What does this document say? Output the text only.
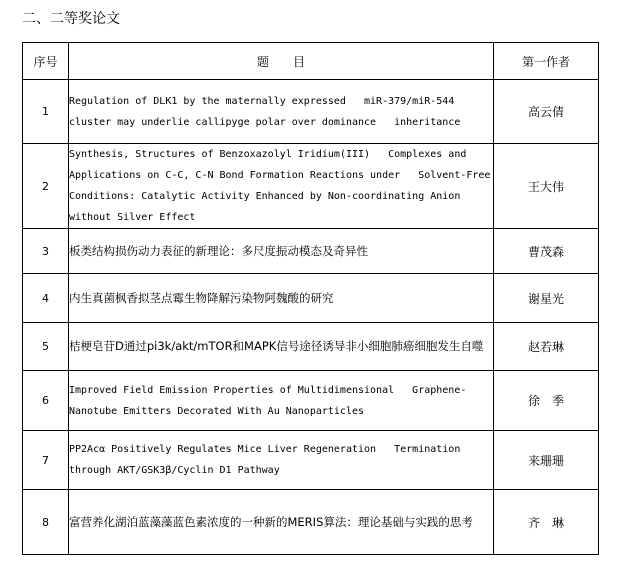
二、二等奖论文
序号	题　　目	第一作者
1	Regulation of DLK1 by the maternally expressed   miR-379/miR-544 cluster may underlie callipyge polar over dominance   inheritance	高云倩
2	Synthesis, Structures of Benzoxazolyl Iridium(III)   Complexes and Applications on C-C, C-N Bond Formation Reactions under   Solvent-Free Conditions: Catalytic Activity Enhanced by Non-coordinating Anion without Silver Effect	王大伟
3	板类结构损伤动力表征的新理论：多尺度振动模态及奇异性	曹茂森
4	内生真菌枫香拟茎点霉生物降解污染物阿魏酸的研究	谢星光
5	桔梗皂苷D通过pi3k/akt/mTOR和MAPK信号途径诱导非小细胞肺癌细胞发生自噬	赵若琳
6	Improved Field Emission Properties of Multidimensional   Graphene-Nanotube Emitters Decorated With Au Nanoparticles	徐　季
7	PP2Acα Positively Regulates Mice Liver Regeneration   Termination through AKT/GSK3β/Cyclin D1 Pathway	来珊珊
8	富营养化湖泊蓝藻藻蓝色素浓度的一种新的MERIS算法：理论基础与实践的思考	齐　琳
